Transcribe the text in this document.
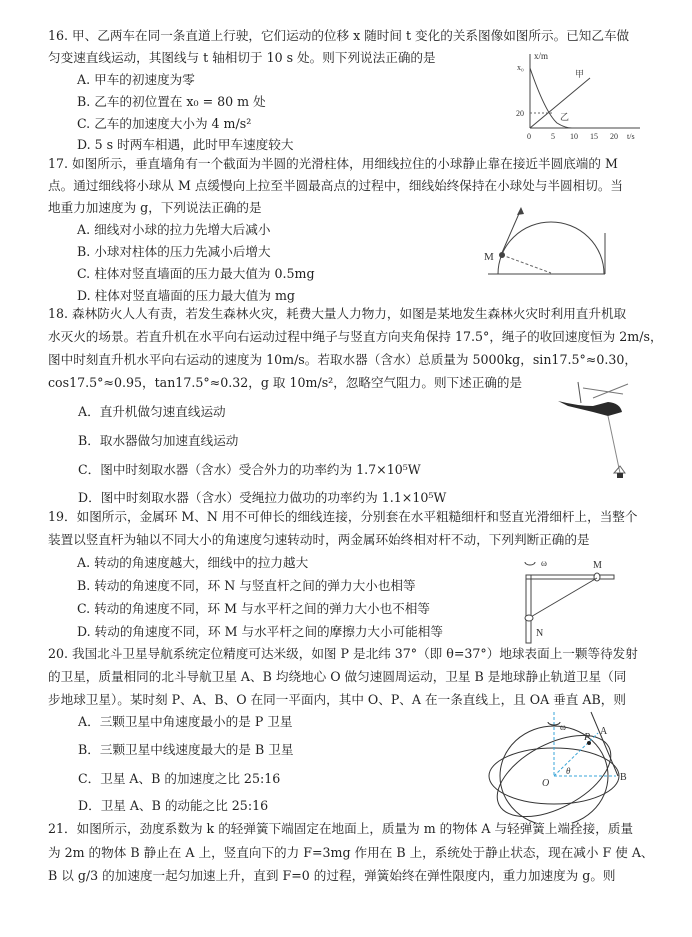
16. 甲、乙两车在同一条直道上行驶，它们运动的位移 x 随时间 t 变化的关系图像如图所示。已知乙车做
匀变速直线运动，其图线与 t 轴相切于 10 s 处。则下列说法正确的是
A. 甲车的初速度为零
B. 乙车的初位置在 x₀ = 80 m 处
C. 乙车的加速度大小为 4 m/s²
D. 5 s 时两车相遇，此时甲车速度较大
x/m
x₀
20
甲
乙
0	5 10 15 20 t/s
17. 如图所示，垂直墙角有一个截面为半圆的光滑柱体，用细线拉住的小球静止靠在接近半圆底端的 M
点。通过细线将小球从 M 点缓慢向上拉至半圆最高点的过程中，细线始终保持在小球处与半圆相切。当
地重力加速度为 g，下列说法正确的是
A. 细线对小球的拉力先增大后减小
B. 小球对柱体的压力先减小后增大
C. 柱体对竖直墙面的压力最大值为 0.5mg
D. 柱体对竖直墙面的压力最大值为 mg
M
18. 森林防火人人有责，若发生森林火灾，耗费大量人力物力，如图是某地发生森林火灾时利用直升机取
水灭火的场景。若直升机在水平向右运动过程中绳子与竖直方向夹角保持 17.5°，绳子的收回速度恒为 2m/s，
图中时刻直升机水平向右运动的速度为 10m/s。若取水器（含水）总质量为 5000kg，sin17.5°≈0.30，
cos17.5°≈0.95，tan17.5°≈0.32，g 取 10m/s²，忽略空气阻力。则下述正确的是
A．直升机做匀速直线运动
B．取水器做匀加速直线运动
C．图中时刻取水器（含水）受合外力的功率约为 1.7×10⁵W
D．图中时刻取水器（含水）受绳拉力做功的功率约为 1.1×10⁵W
19．如图所示，金属环 M、N 用不可伸长的细线连接，分别套在水平粗糙细杆和竖直光滑细杆上，当整个
装置以竖直杆为轴以不同大小的角速度匀速转动时，两金属环始终相对杆不动，下列判断正确的是
A. 转动的角速度越大，细线中的拉力越大
B. 转动的角速度不同，环 N 与竖直杆之间的弹力大小也相等
C. 转动的角速度不同，环 M 与水平杆之间的弹力大小也不相等
D. 转动的角速度不同，环 M 与水平杆之间的摩擦力大小可能相等
ω	M
N
20. 我国北斗卫星导航系统定位精度可达米级，如图 P 是北纬 37°（即 θ=37°）地球表面上一颗等待发射
的卫星，质量相同的北斗导航卫星 A、B 均绕地心 O 做匀速圆周运动，卫星 B 是地球静止轨道卫星（同
步地球卫星）。某时刻 P、A、B、O 在同一平面内，其中 O、P、A 在一条直线上，且 OA 垂直 AB，则
A．三颗卫星中角速度最小的是 P 卫星
B．三颗卫星中线速度最大的是 B 卫星
C．卫星 A、B 的加速度之比 25:16
D．卫星 A、B 的动能之比 25:16
ω
P
A
B
O
θ
21．如图所示，劲度系数为 k 的轻弹簧下端固定在地面上，质量为 m 的物体 A 与轻弹簧上端拴接，质量
为 2m 的物体 B 静止在 A 上，竖直向下的力 F=3mg 作用在 B 上，系统处于静止状态，现在减小 F 使 A、
B 以 g/3 的加速度一起匀加速上升，直到 F=0 的过程，弹簧始终在弹性限度内，重力加速度为 g。则
